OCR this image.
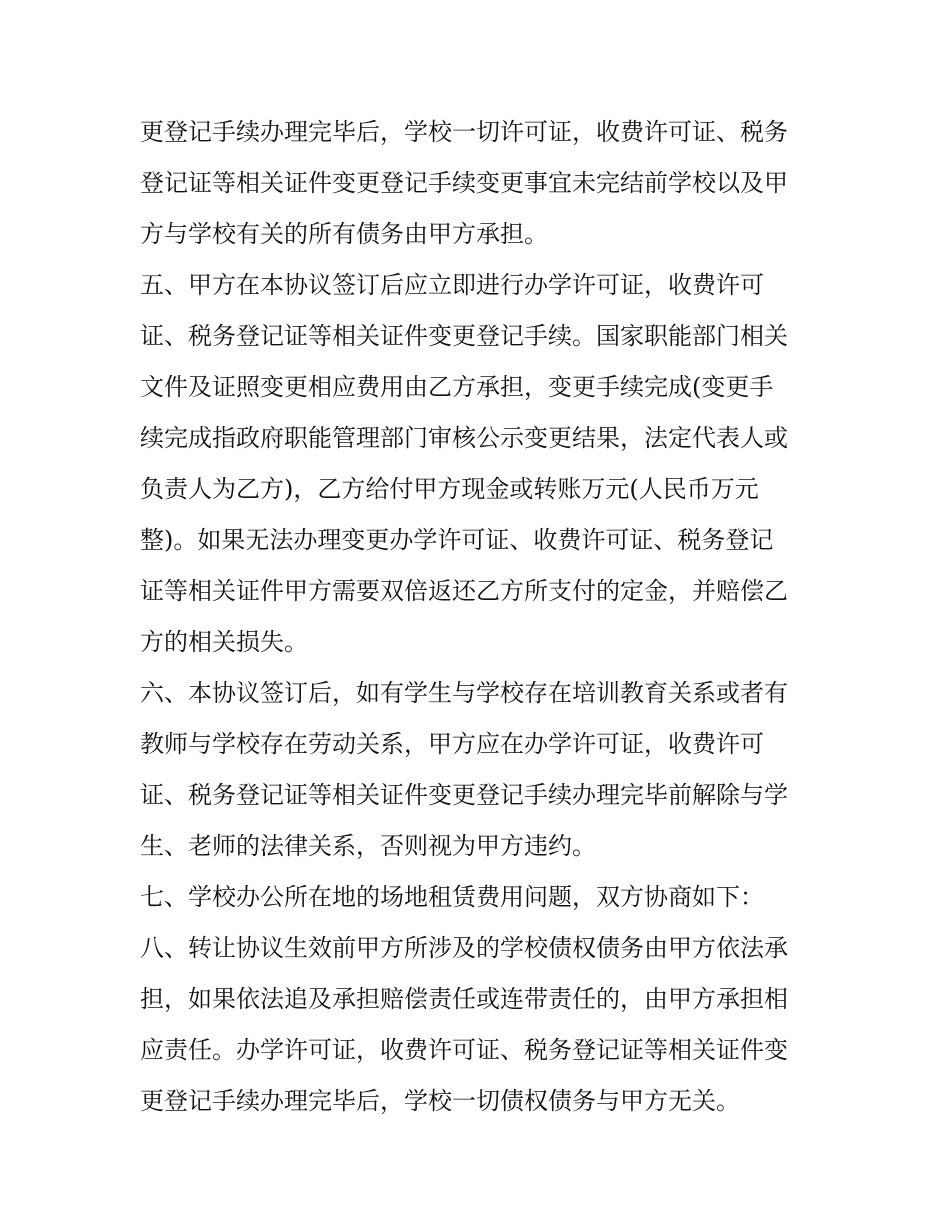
更登记手续办理完毕后，学校一切许可证，收费许可证、税务
登记证等相关证件变更登记手续变更事宜未完结前学校以及甲
方与学校有关的所有债务由甲方承担。
五、甲方在本协议签订后应立即进行办学许可证，收费许可
证、税务登记证等相关证件变更登记手续。国家职能部门相关
文件及证照变更相应费用由乙方承担，变更手续完成(变更手
续完成指政府职能管理部门审核公示变更结果，法定代表人或
负责人为乙方)，乙方给付甲方现金或转账万元(人民币万元
整)。如果无法办理变更办学许可证、收费许可证、税务登记
证等相关证件甲方需要双倍返还乙方所支付的定金，并赔偿乙
方的相关损失。
六、本协议签订后，如有学生与学校存在培训教育关系或者有
教师与学校存在劳动关系，甲方应在办学许可证，收费许可
证、税务登记证等相关证件变更登记手续办理完毕前解除与学
生、老师的法律关系，否则视为甲方违约。
七、学校办公所在地的场地租赁费用问题，双方协商如下：
八、转让协议生效前甲方所涉及的学校债权债务由甲方依法承
担，如果依法追及承担赔偿责任或连带责任的，由甲方承担相
应责任。办学许可证，收费许可证、税务登记证等相关证件变
更登记手续办理完毕后，学校一切债权债务与甲方无关。
